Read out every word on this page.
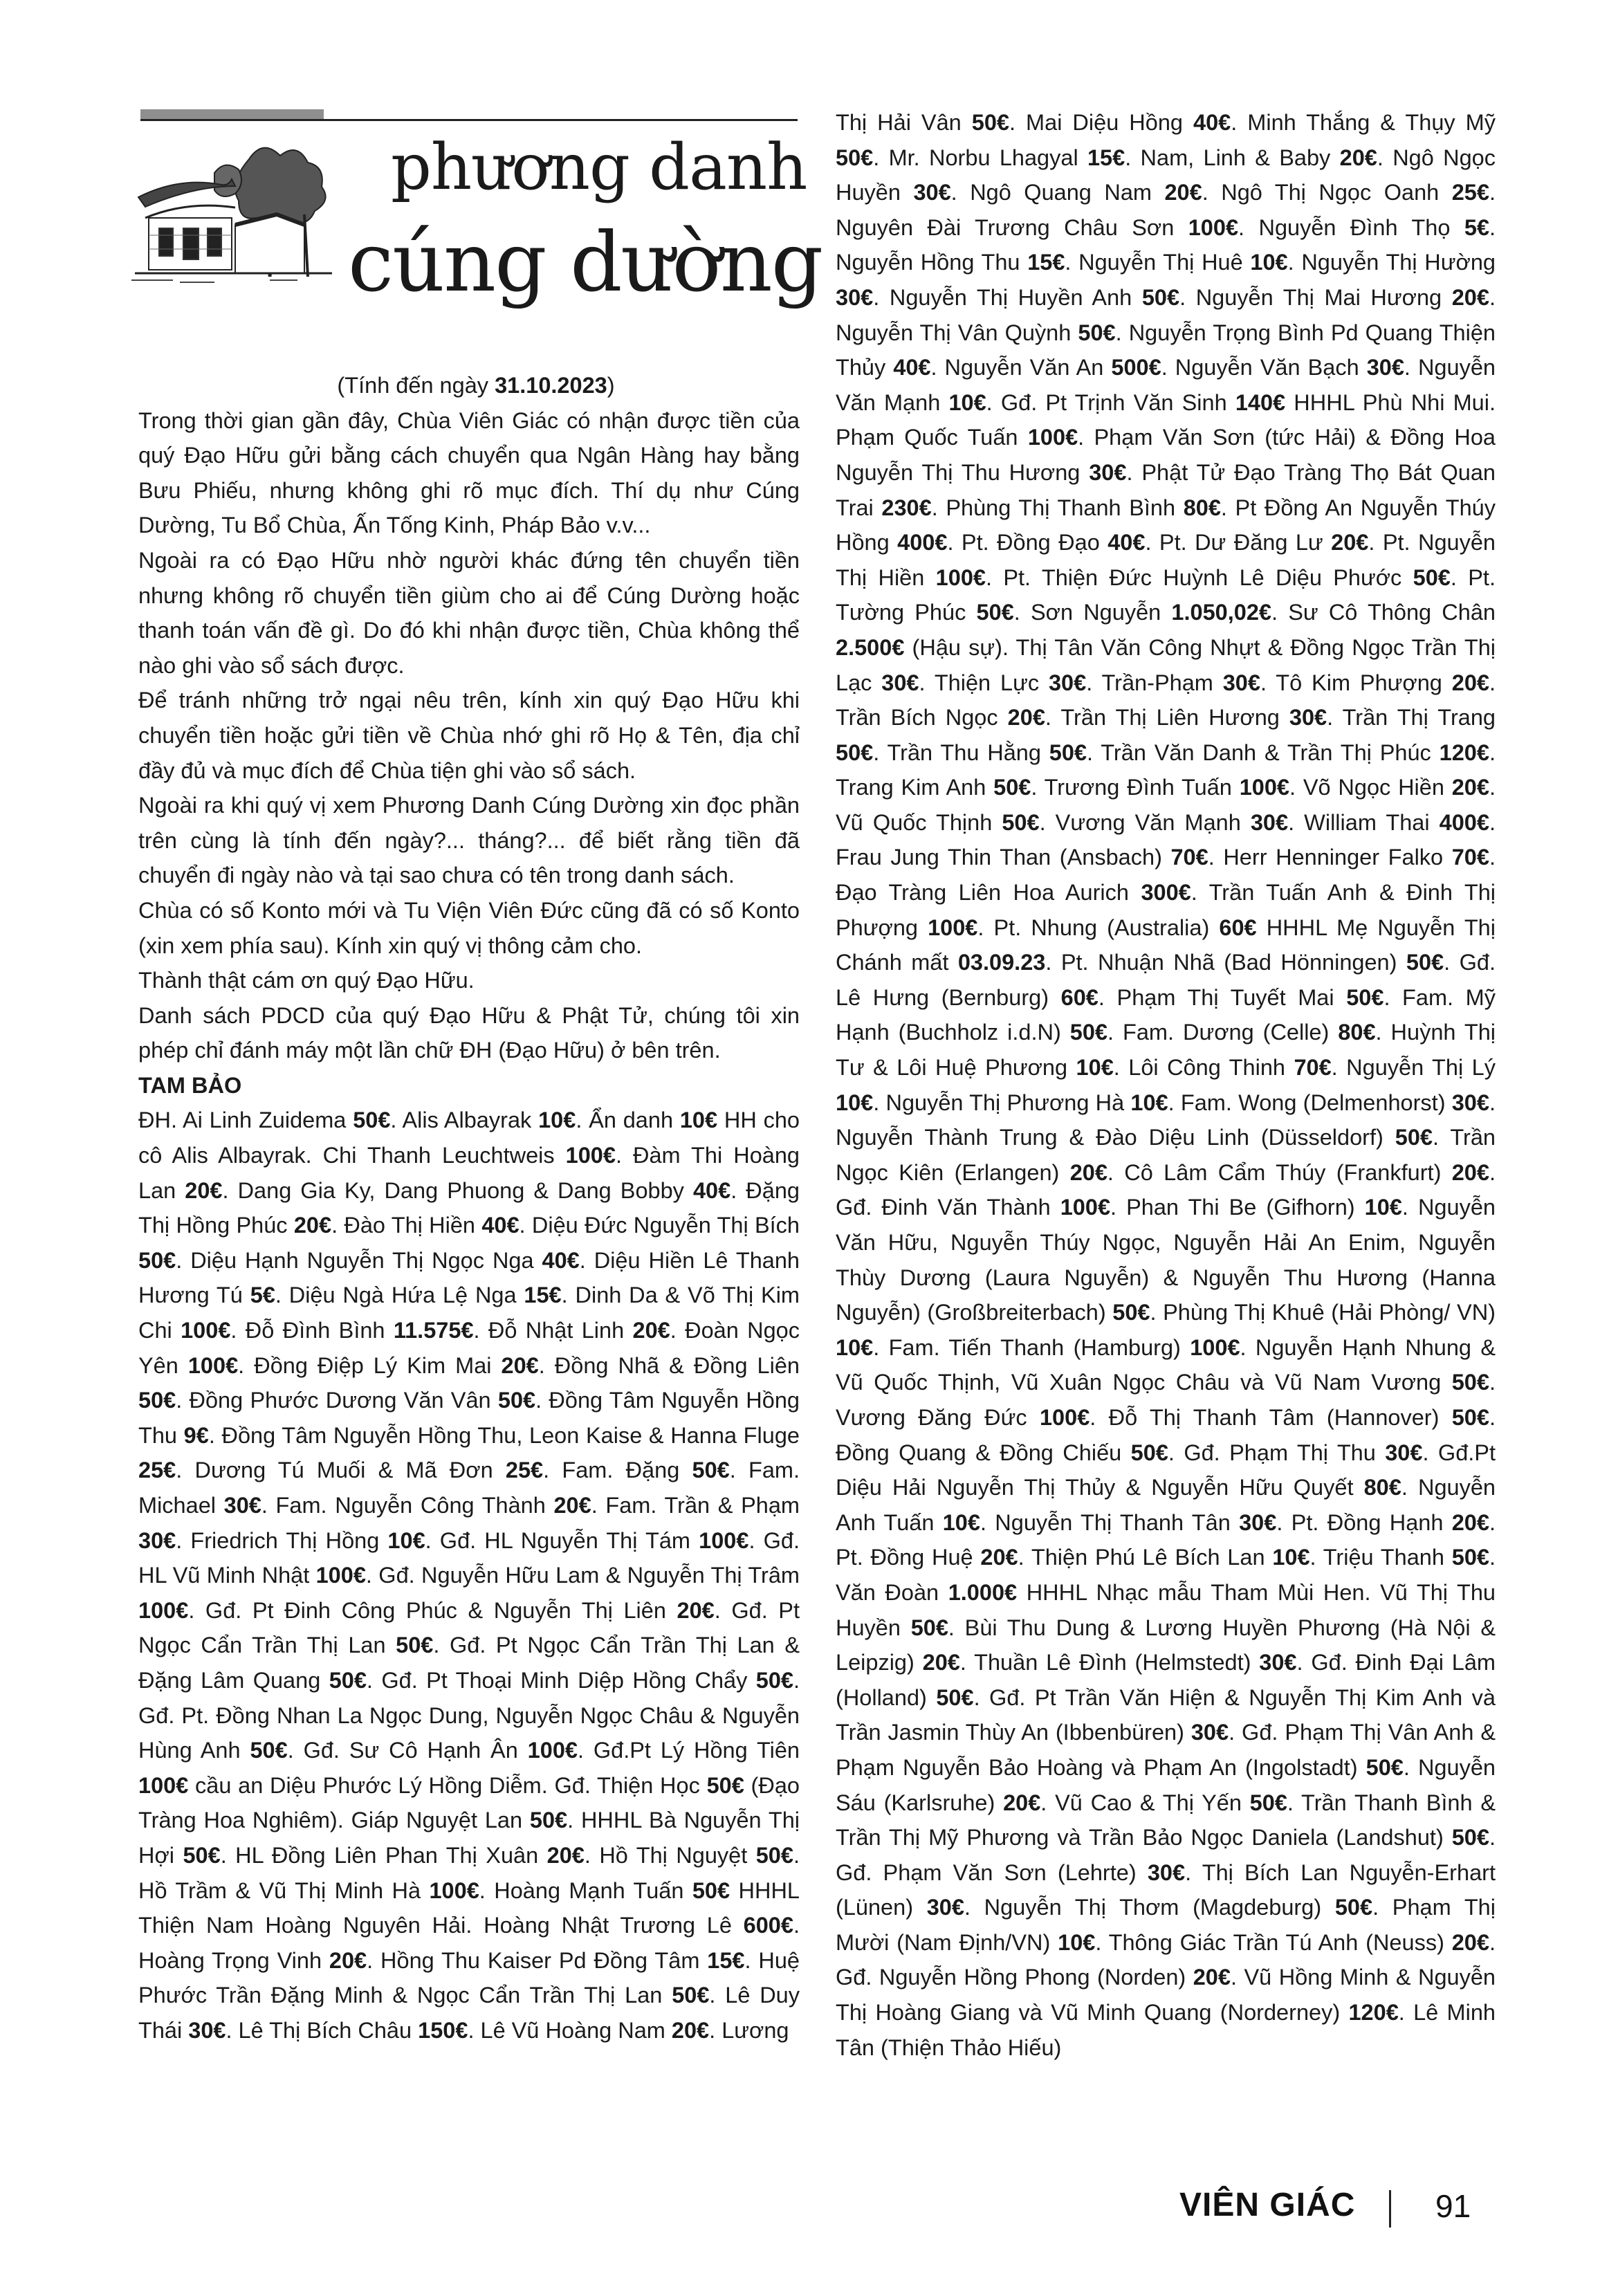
phương danh
cúng dường

(Tính đến ngày 31.10.2023)

Trong thời gian gần đây, Chùa Viên Giác có nhận được tiền của quý Đạo Hữu gửi bằng cách chuyển qua Ngân Hàng hay bằng Bưu Phiếu, nhưng không ghi rõ mục đích. Thí dụ như Cúng Dường, Tu Bổ Chùa, Ấn Tống Kinh, Pháp Bảo v.v...

Ngoài ra có Đạo Hữu nhờ người khác đứng tên chuyển tiền nhưng không rõ chuyển tiền giùm cho ai để Cúng Dường hoặc thanh toán vấn đề gì. Do đó khi nhận được tiền, Chùa không thể nào ghi vào sổ sách được.

Để tránh những trở ngại nêu trên, kính xin quý Đạo Hữu khi chuyển tiền hoặc gửi tiền về Chùa nhớ ghi rõ Họ & Tên, địa chỉ đầy đủ và mục đích để Chùa tiện ghi vào sổ sách.

Ngoài ra khi quý vị xem Phương Danh Cúng Dường xin đọc phần trên cùng là tính đến ngày?... tháng?... để biết rằng tiền đã chuyển đi ngày nào và tại sao chưa có tên trong danh sách.

Chùa có số Konto mới và Tu Viện Viên Đức cũng đã có số Konto (xin xem phía sau). Kính xin quý vị thông cảm cho.

Thành thật cám ơn quý Đạo Hữu.

Danh sách PDCD của quý Đạo Hữu & Phật Tử, chúng tôi xin phép chỉ đánh máy một lần chữ ĐH (Đạo Hữu) ở bên trên.

TAM BẢO

ĐH. Ai Linh Zuidema 50€. Alis Albayrak 10€. Ẩn danh 10€ HH cho cô Alis Albayrak. Chi Thanh Leuchtweis 100€. Đàm Thi Hoàng Lan 20€. Dang Gia Ky, Dang Phuong & Dang Bobby 40€. Đặng Thị Hồng Phúc 20€. Đào Thị Hiền 40€. Diệu Đức Nguyễn Thị Bích 50€. Diệu Hạnh Nguyễn Thị Ngọc Nga 40€. Diệu Hiền Lê Thanh Hương Tú 5€. Diệu Ngà Hứa Lệ Nga 15€. Dinh Da & Võ Thị Kim Chi 100€. Đỗ Đình Bình 11.575€. Đỗ Nhật Linh 20€. Đoàn Ngọc Yên 100€. Đồng Điệp Lý Kim Mai 20€. Đồng Nhã & Đồng Liên 50€. Đồng Phước Dương Văn Vân 50€. Đồng Tâm Nguyễn Hồng Thu 9€. Đồng Tâm Nguyễn Hồng Thu, Leon Kaise & Hanna Fluge 25€. Dương Tú Muối & Mã Đơn 25€. Fam. Đặng 50€. Fam. Michael 30€. Fam. Nguyễn Công Thành 20€. Fam. Trần & Phạm 30€. Friedrich Thị Hồng 10€. Gđ. HL Nguyễn Thị Tám 100€. Gđ. HL Vũ Minh Nhật 100€. Gđ. Nguyễn Hữu Lam & Nguyễn Thị Trâm 100€. Gđ. Pt Đinh Công Phúc & Nguyễn Thị Liên 20€. Gđ. Pt Ngọc Cẩn Trần Thị Lan 50€. Gđ. Pt Ngọc Cẩn Trần Thị Lan & Đặng Lâm Quang 50€. Gđ. Pt Thoại Minh Diệp Hồng Chẩy 50€. Gđ. Pt. Đồng Nhan La Ngọc Dung, Nguyễn Ngọc Châu & Nguyễn Hùng Anh 50€. Gđ. Sư Cô Hạnh Ân 100€. Gđ.Pt Lý Hồng Tiên 100€ cầu an Diệu Phước Lý Hồng Diễm. Gđ. Thiện Học 50€ (Đạo Tràng Hoa Nghiêm). Giáp Nguyệt Lan 50€. HHHL Bà Nguyễn Thị Hợi 50€. HL Đồng Liên Phan Thị Xuân 20€. Hồ Thị Nguyệt 50€. Hồ Trầm & Vũ Thị Minh Hà 100€. Hoàng Mạnh Tuấn 50€ HHHL Thiện Nam Hoàng Nguyên Hải. Hoàng Nhật Trương Lê 600€. Hoàng Trọng Vinh 20€. Hồng Thu Kaiser Pd Đồng Tâm 15€. Huệ Phước Trần Đặng Minh & Ngọc Cẩn Trần Thị Lan 50€. Lê Duy Thái 30€. Lê Thị Bích Châu 150€. Lê Vũ Hoàng Nam 20€. Lương

Thị Hải Vân 50€. Mai Diệu Hồng 40€. Minh Thắng & Thụy Mỹ 50€. Mr. Norbu Lhagyal 15€. Nam, Linh & Baby 20€. Ngô Ngọc Huyền 30€. Ngô Quang Nam 20€. Ngô Thị Ngọc Oanh 25€. Nguyên Đài Trương Châu Sơn 100€. Nguyễn Đình Thọ 5€. Nguyễn Hồng Thu 15€. Nguyễn Thị Huê 10€. Nguyễn Thị Hường 30€. Nguyễn Thị Huyền Anh 50€. Nguyễn Thị Mai Hương 20€. Nguyễn Thị Vân Quỳnh 50€. Nguyễn Trọng Bình Pd Quang Thiện Thủy 40€. Nguyễn Văn An 500€. Nguyễn Văn Bạch 30€. Nguyễn Văn Mạnh 10€. Gđ. Pt Trịnh Văn Sinh 140€ HHHL Phù Nhi Mui. Phạm Quốc Tuấn 100€. Phạm Văn Sơn (tức Hải) & Đồng Hoa Nguyễn Thị Thu Hương 30€. Phật Tử Đạo Tràng Thọ Bát Quan Trai 230€. Phùng Thị Thanh Bình 80€. Pt Đồng An Nguyễn Thúy Hồng 400€. Pt. Đồng Đạo 40€. Pt. Dư Đăng Lư 20€. Pt. Nguyễn Thị Hiền 100€. Pt. Thiện Đức Huỳnh Lê Diệu Phước 50€. Pt. Tường Phúc 50€. Sơn Nguyễn 1.050,02€. Sư Cô Thông Chân 2.500€ (Hậu sự). Thị Tân Văn Công Nhựt & Đồng Ngọc Trần Thị Lạc 30€. Thiện Lực 30€. Trần-Phạm 30€. Tô Kim Phượng 20€. Trần Bích Ngọc 20€. Trần Thị Liên Hương 30€. Trần Thị Trang 50€. Trần Thu Hằng 50€. Trần Văn Danh & Trần Thị Phúc 120€. Trang Kim Anh 50€. Trương Đình Tuấn 100€. Võ Ngọc Hiền 20€. Vũ Quốc Thịnh 50€. Vương Văn Mạnh 30€. William Thai 400€. Frau Jung Thin Than (Ansbach) 70€. Herr Henninger Falko 70€. Đạo Tràng Liên Hoa Aurich 300€. Trần Tuấn Anh & Đinh Thị Phượng 100€. Pt. Nhung (Australia) 60€ HHHL Mẹ Nguyễn Thị Chánh mất 03.09.23. Pt. Nhuận Nhã (Bad Hönningen) 50€. Gđ. Lê Hưng (Bernburg) 60€. Phạm Thị Tuyết Mai 50€. Fam. Mỹ Hạnh (Buchholz i.d.N) 50€. Fam. Dương (Celle) 80€. Huỳnh Thị Tư & Lôi Huệ Phương 10€. Lôi Công Thinh 70€. Nguyễn Thị Lý 10€. Nguyễn Thị Phương Hà 10€. Fam. Wong (Delmenhorst) 30€. Nguyễn Thành Trung & Đào Diệu Linh (Düsseldorf) 50€. Trần Ngọc Kiên (Erlangen) 20€. Cô Lâm Cẩm Thúy (Frankfurt) 20€. Gđ. Đinh Văn Thành 100€. Phan Thi Be (Gifhorn) 10€. Nguyễn Văn Hữu, Nguyễn Thúy Ngọc, Nguyễn Hải An Enim, Nguyễn Thùy Dương (Laura Nguyễn) & Nguyễn Thu Hương (Hanna Nguyễn) (Großbreiterbach) 50€. Phùng Thị Khuê (Hải Phòng/ VN) 10€. Fam. Tiến Thanh (Hamburg) 100€. Nguyễn Hạnh Nhung & Vũ Quốc Thịnh, Vũ Xuân Ngọc Châu và Vũ Nam Vương 50€. Vương Đăng Đức 100€. Đỗ Thị Thanh Tâm (Hannover) 50€. Đồng Quang & Đồng Chiếu 50€. Gđ. Phạm Thị Thu 30€. Gđ.Pt Diệu Hải Nguyễn Thị Thủy & Nguyễn Hữu Quyết 80€. Nguyễn Anh Tuấn 10€. Nguyễn Thị Thanh Tân 30€. Pt. Đồng Hạnh 20€. Pt. Đồng Huệ 20€. Thiện Phú Lê Bích Lan 10€. Triệu Thanh 50€. Văn Đoàn 1.000€ HHHL Nhạc mẫu Tham Mùi Hen. Vũ Thị Thu Huyền 50€. Bùi Thu Dung & Lương Huyền Phương (Hà Nội & Leipzig) 20€. Thuần Lê Đình (Helmstedt) 30€. Gđ. Đinh Đại Lâm (Holland) 50€. Gđ. Pt Trần Văn Hiện & Nguyễn Thị Kim Anh và Trần Jasmin Thùy An (Ibbenbüren) 30€. Gđ. Phạm Thị Vân Anh & Phạm Nguyễn Bảo Hoàng và Phạm An (Ingolstadt) 50€. Nguyễn Sáu (Karlsruhe) 20€. Vũ Cao & Thị Yến 50€. Trần Thanh Bình & Trần Thị Mỹ Phương và Trần Bảo Ngọc Daniela (Landshut) 50€. Gđ. Phạm Văn Sơn (Lehrte) 30€. Thị Bích Lan Nguyễn-Erhart (Lünen) 30€. Nguyễn Thị Thơm (Magdeburg) 50€. Phạm Thị Mười (Nam Định/VN) 10€. Thông Giác Trần Tú Anh (Neuss) 20€. Gđ. Nguyễn Hồng Phong (Norden) 20€. Vũ Hồng Minh & Nguyễn Thị Hoàng Giang và Vũ Minh Quang (Norderney) 120€. Lê Minh Tân (Thiện Thảo Hiếu)

VIÊN GIÁC	91
